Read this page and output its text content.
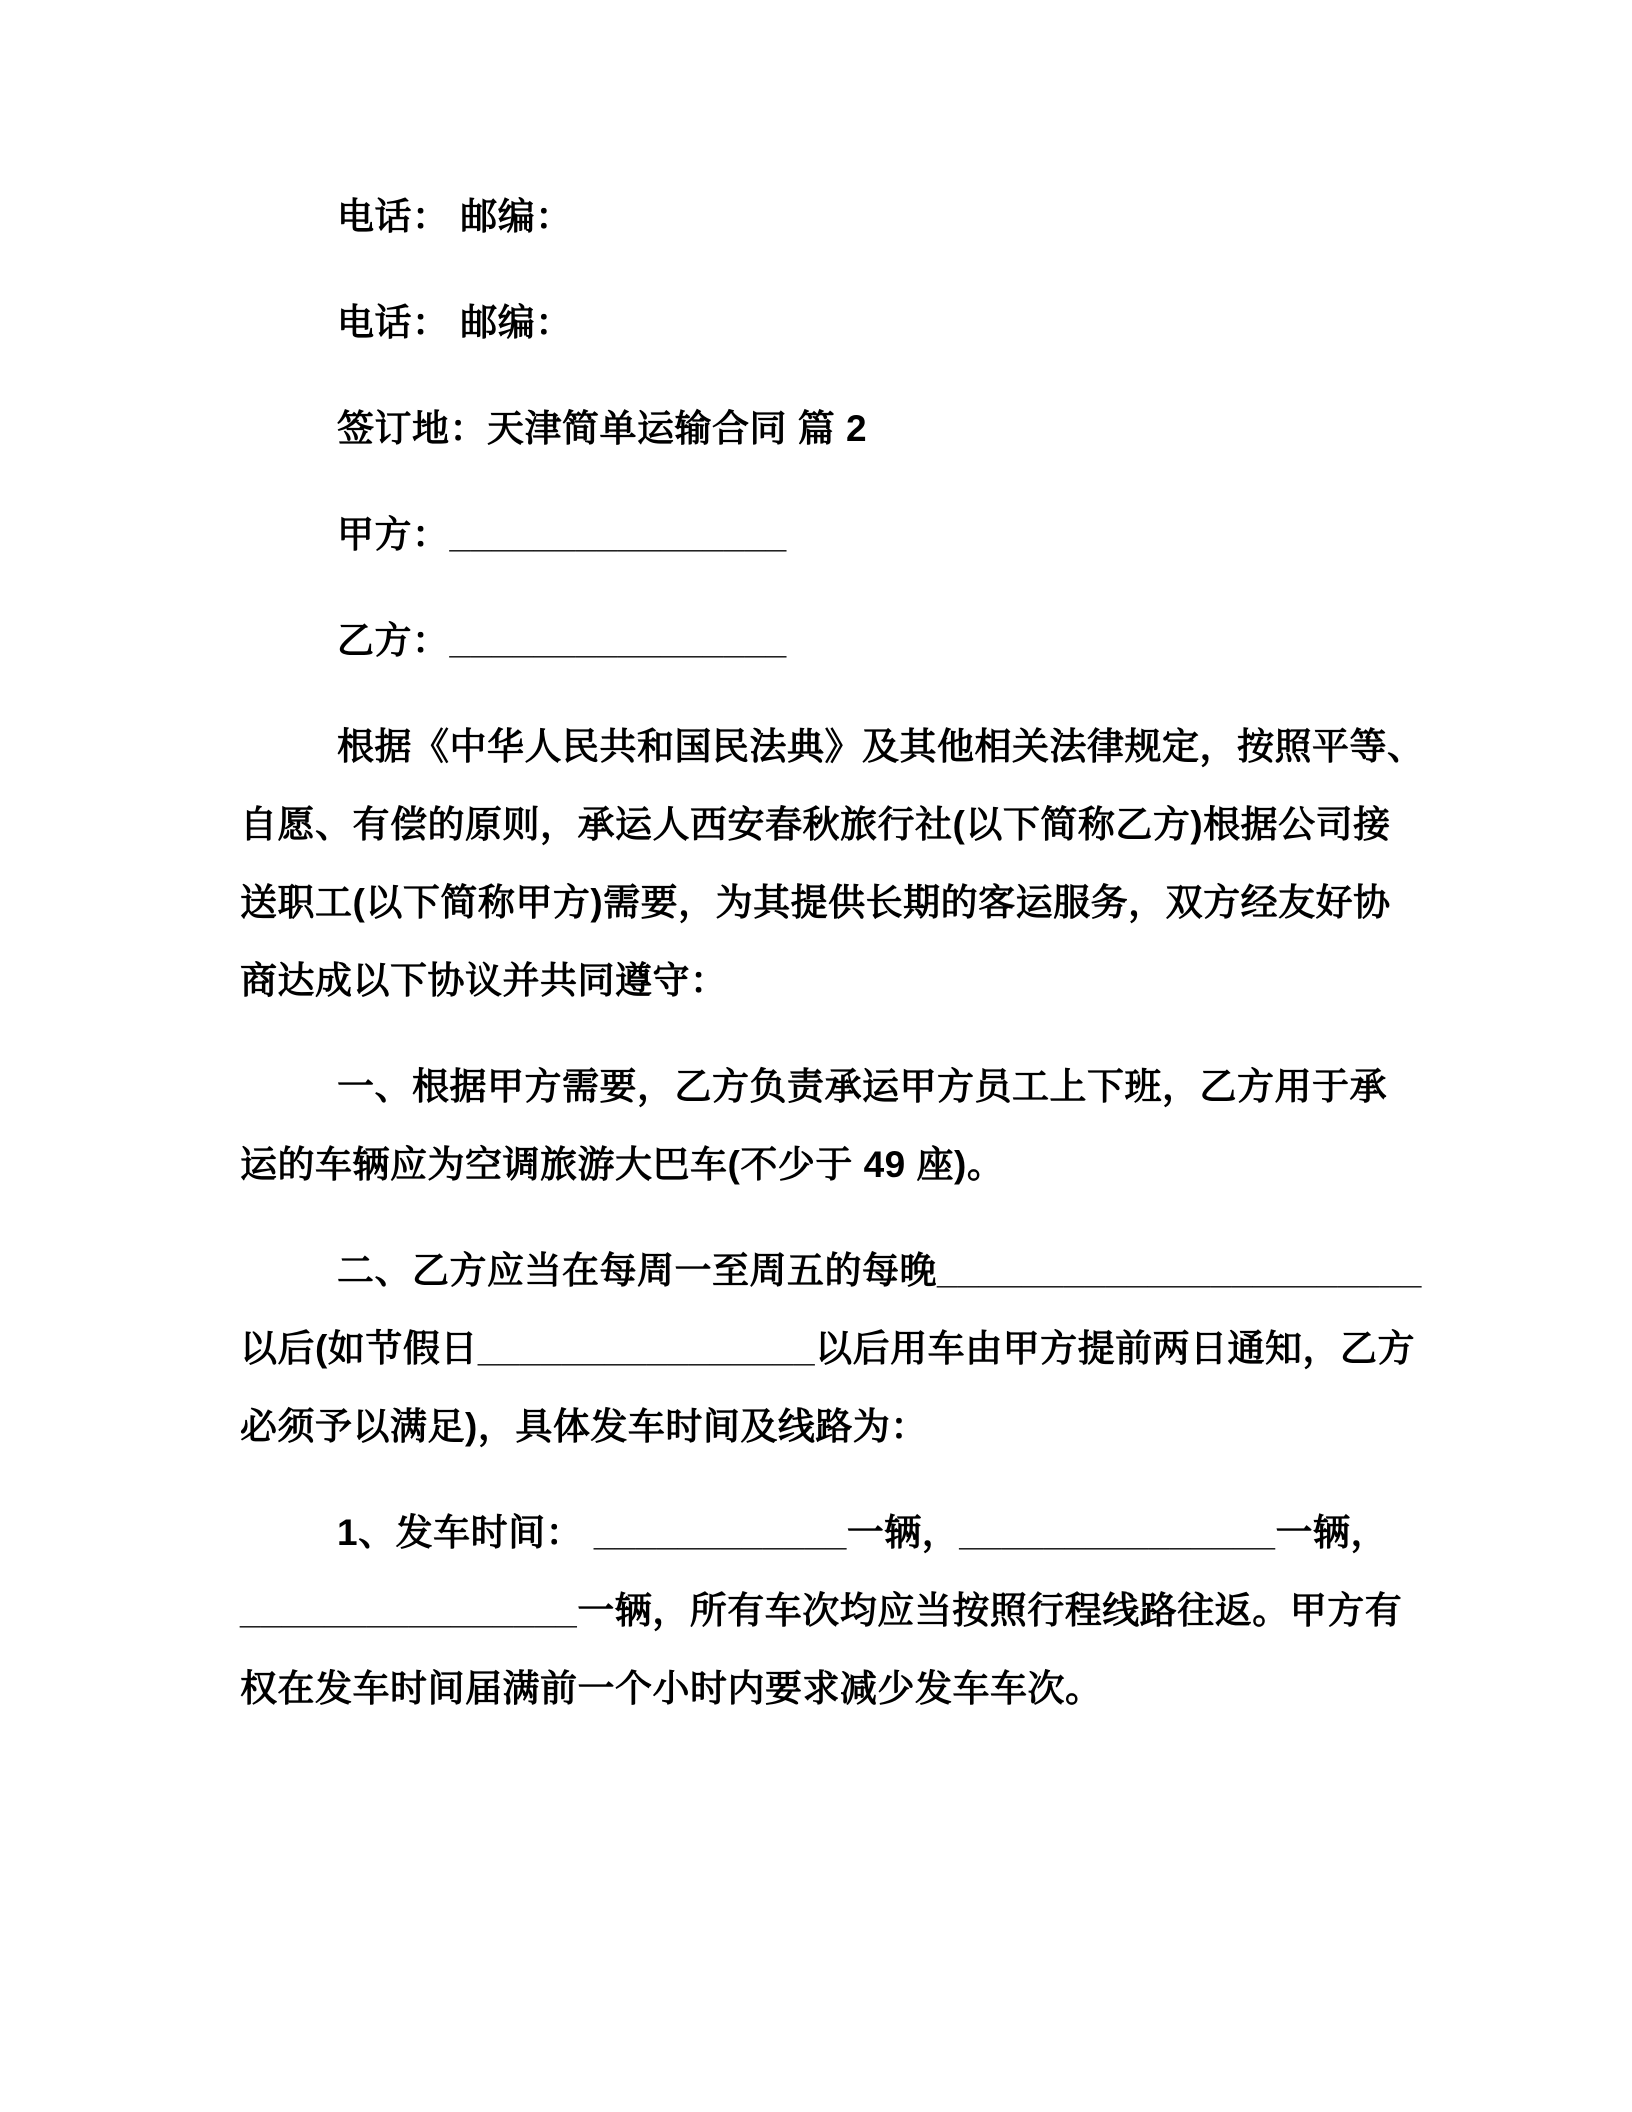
电话： 邮编：
电话： 邮编：
签订地：天津简单运输合同 篇 2
甲方：________________
乙方：________________
根据《中华人民共和国民法典》及其他相关法律规定，按照平等、
自愿、有偿的原则，承运人西安春秋旅行社(以下简称乙方)根据公司接
送职工(以下简称甲方)需要，为其提供长期的客运服务，双方经友好协
商达成以下协议并共同遵守：
一、根据甲方需要，乙方负责承运甲方员工上下班，乙方用于承
运的车辆应为空调旅游大巴车(不少于 49 座)。
二、乙方应当在每周一至周五的每晚_______________________
以后(如节假日________________以后用车由甲方提前两日通知，乙方
必须予以满足)，具体发车时间及线路为：
1、发车时间： ____________一辆，_______________一辆，
________________一辆，所有车次均应当按照行程线路往返。甲方有
权在发车时间届满前一个小时内要求减少发车车次。
